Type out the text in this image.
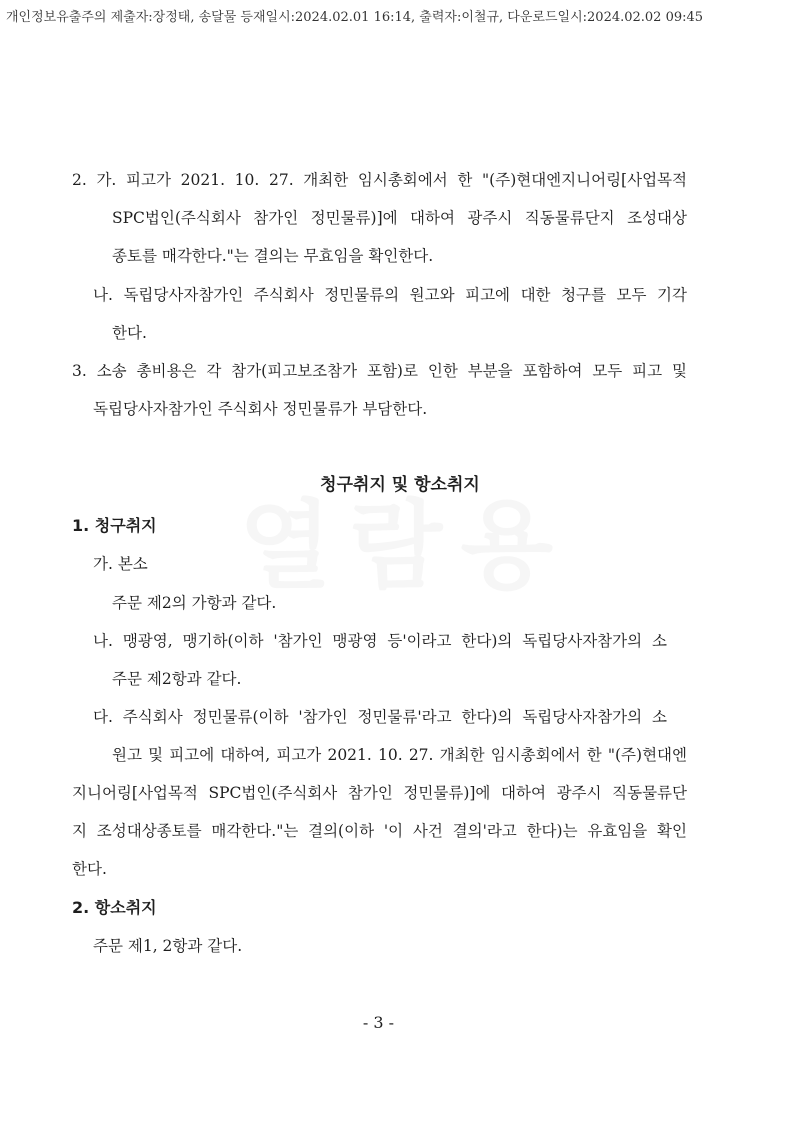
개인정보유출주의 제출자:장정태, 송달물 등재일시:2024.02.01 16:14, 출력자:이철규, 다운로드일시:2024.02.02 09:45
2. 가. 피고가 2021. 10. 27. 개최한 임시총회에서 한 "(주)현대엔지니어링[사업목적
SPC법인(주식회사 참가인 정민물류)]에 대하여 광주시 직동물류단지 조성대상
종토를 매각한다."는 결의는 무효임을 확인한다.
나. 독립당사자참가인 주식회사 정민물류의 원고와 피고에 대한 청구를 모두 기각
한다.
3. 소송 총비용은 각 참가(피고보조참가 포함)로 인한 부분을 포함하여 모두 피고 및
독립당사자참가인 주식회사 정민물류가 부담한다.
청구취지 및 항소취지
1. 청구취지
가. 본소
주문 제2의 가항과 같다.
나. 맹광영, 맹기하(이하 '참가인 맹광영 등'이라고 한다)의 독립당사자참가의 소
주문 제2항과 같다.
다. 주식회사 정민물류(이하 '참가인 정민물류'라고 한다)의 독립당사자참가의 소
원고 및 피고에 대하여, 피고가 2021. 10. 27. 개최한 임시총회에서 한 "(주)현대엔
지니어링[사업목적 SPC법인(주식회사 참가인 정민물류)]에 대하여 광주시 직동물류단
지 조성대상종토를 매각한다."는 결의(이하 '이 사건 결의'라고 한다)는 유효임을 확인
한다.
2. 항소취지
주문 제1, 2항과 같다.
- 3 -
